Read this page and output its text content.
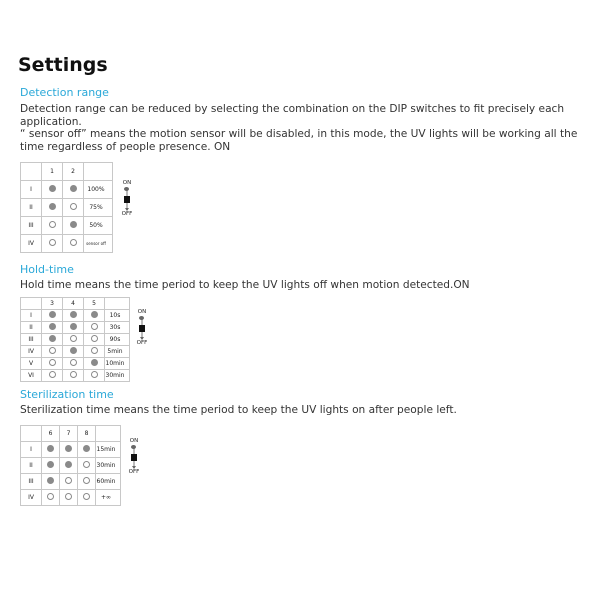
Settings
Detection range
Detection range can be reduced by selecting the combination on the DIP switches to fit precisely each application.
“ sensor off” means the motion sensor will be disabled, in this mode, the UV lights will be working all the time regardless of people presence. ON
	1	2	
I			100%
II			75%
III			50%
IV			sensor off
ON
OFF
Hold-time
Hold time means the time period to keep the UV lights off when motion detected.ON
	3	4	5	
I				10s
II				30s
III				90s
IV				5min
V				10min
VI				30min
ON
OFF
Sterilization time
Sterilization time means the time period to keep the UV lights on after people left.
	6	7	8	
I				15min
II				30min
III				60min
IV				+∞
ON
OFF
